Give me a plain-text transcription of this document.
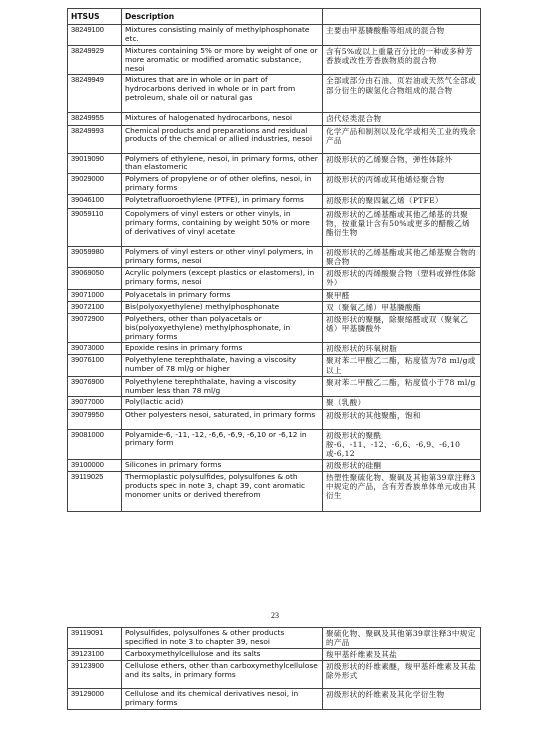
HTSUS	Description	
38249100	Mixtures consisting mainly of methylphosphonate etc.	主要由甲基膦酸酯等组成的混合物
38249929	Mixtures containing 5% or more by weight of one or more aromatic or modified aromatic substance, nesoi	含有5%或以上重量百分比的一种或多种芳香族或改性芳香族物质的混合物
38249949	Mixtures that are in whole or in part of hydrocarbons derived in whole or in part from petroleum, shale oil or natural gas	全部或部分由石油、页岩油或天然气全部或部分衍生的碳氢化合物组成的混合物
38249955	Mixtures of halogenated hydrocarbons, nesoi	卤代烃类混合物
38249993	Chemical products and preparations and residual products of the chemical or allied industries, nesoi	化学产品和制剂以及化学或相关工业的残余产品
39019090	Polymers of ethylene, nesoi, in primary forms, other than elastomeric	初级形状的乙烯聚合物，弹性体除外
39029000	Polymers of propylene or of other olefins, nesoi, in primary forms	初级形状的丙烯或其他烯烃聚合物
39046100	Polytetrafluoroethylene (PTFE), in primary forms	初级形状的聚四氟乙烯（PTFE）
39059110	Copolymers of vinyl esters or other vinyls, in primary forms, containing by weight 50% or more of derivatives of vinyl acetate	初级形状的乙烯基酯或其他乙烯基的共聚物，按重量计含有50%或更多的醋酸乙烯酯衍生物
39059980	Polymers of vinyl esters or other vinyl polymers, in primary forms, nesoi	初级形状的乙烯基酯或其他乙烯基聚合物的聚合物
39069050	Acrylic polymers (except plastics or elastomers), in primary forms, nesoi	初级形状的丙烯酸聚合物（塑料或弹性体除外）
39071000	Polyacetals in primary forms	聚甲醛
39072100	Bis(polyoxyethylene) methylphosphonate	双（聚氧乙烯）甲基膦酸酯
39072900	Polyethers, other than polyacetals or bis(polyoxyethylene) methylphosphonate, in primary forms	初级形状的聚醚，除聚缩醛或双（聚氧乙烯）甲基膦酸外
39073000	Epoxide resins in primary forms	初级形状的环氧树脂
39076100	Polyethylene terephthalate, having a viscosity number of 78 ml/g or higher	聚对苯二甲酸乙二酯，粘度值为78 ml/g或以上
39076900	Polyethylene terephthalate, having a viscosity number less than 78 ml/g	聚对苯二甲酸乙二酯，粘度值小于78 ml/g
39077000	Poly(lactic acid)	聚（乳酸）
39079950	Other polyesters nesoi, saturated, in primary forms	初级形状的其他聚酯，饱和
39081000	Polyamide-6, -11, -12, -6,6, -6,9, -6,10 or -6,12 in primary form	初级形状的聚酰胺-6、-11、-12、-6,6、-6,9、-6,10或-6,12
39100000	Silicones in primary forms	初级形状的硅酮
39119025	Thermoplastic polysulfides, polysulfones & oth products spec in note 3, chapt 39, cont aromatic monomer units or derived therefrom	热塑性聚硫化物、聚砜及其他第39章注释3中规定的产品，含有芳香族单体单元或由其衍生
23
39119091	Polysulfides, polysulfones & other products specified in note 3 to chapter 39, nesoi	聚硫化物、聚砜及其他第39章注释3中规定的产品
39123100	Carboxymethylcellulose and its salts	羧甲基纤维素及其盐
39123900	Cellulose ethers, other than carboxymethylcellulose and its salts, in primary forms	初级形状的纤维素醚，羧甲基纤维素及其盐除外形式
39129000	Cellulose and its chemical derivatives nesoi, in primary forms	初级形状的纤维素及其化学衍生物
